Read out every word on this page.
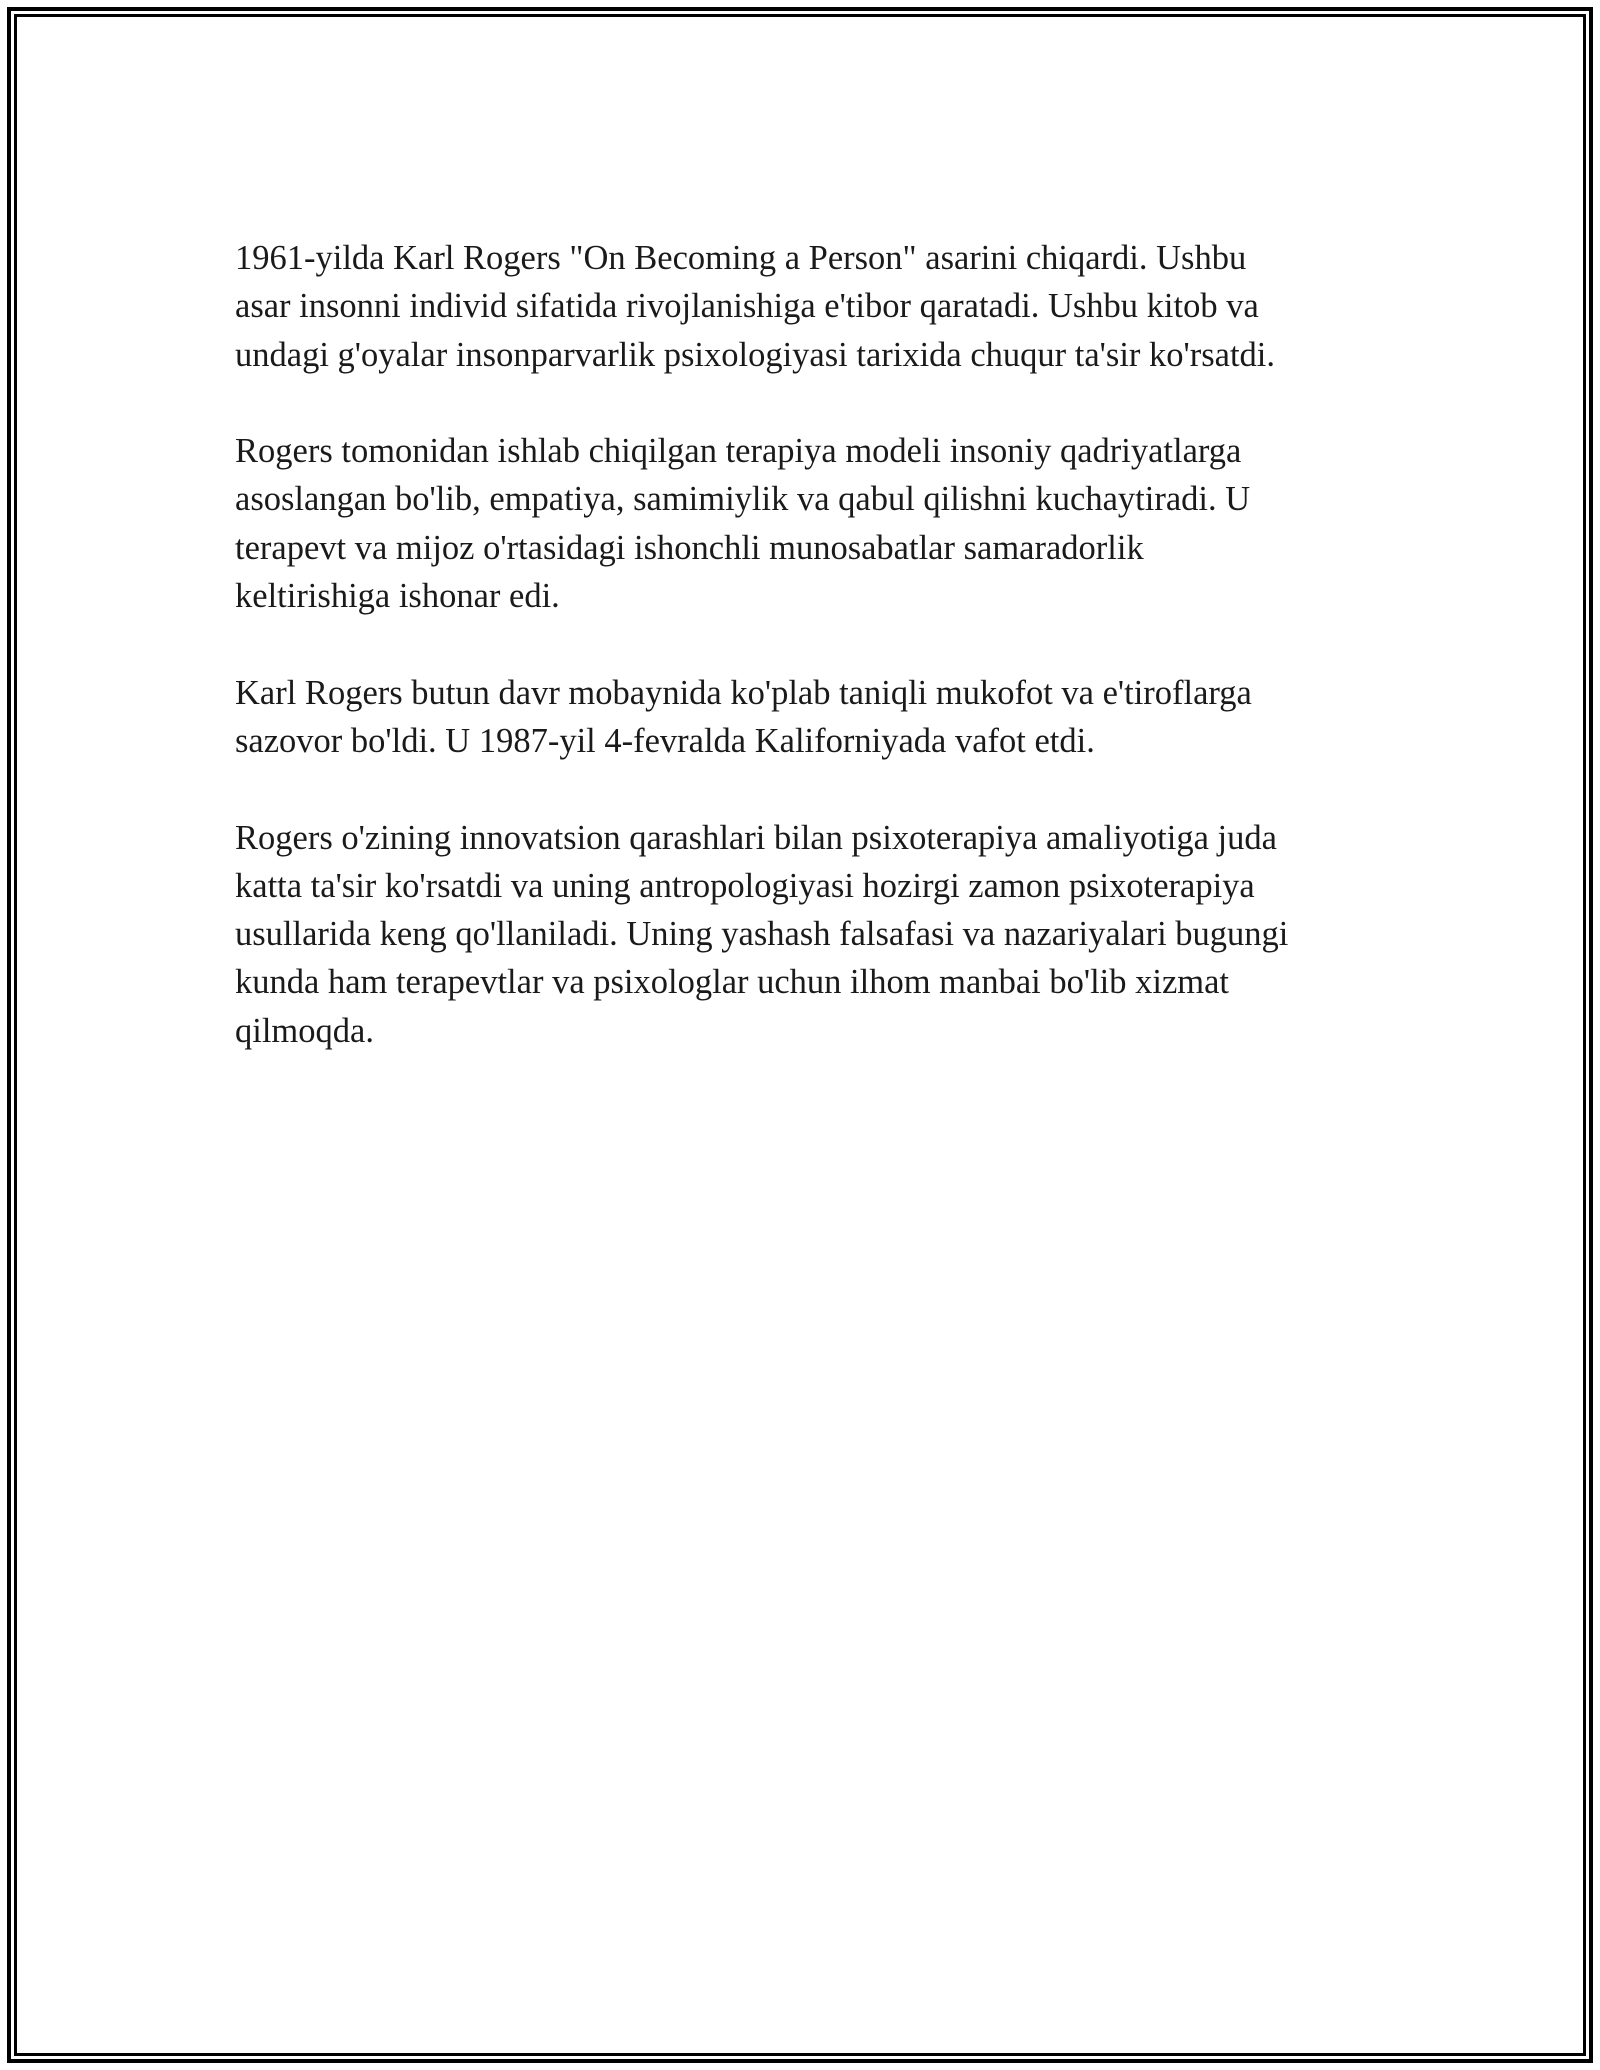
1961-yilda Karl Rogers "On Becoming a Person" asarini chiqardi. Ushbu
asar insonni individ sifatida rivojlanishiga e'tibor qaratadi. Ushbu kitob va
undagi g'oyalar insonparvarlik psixologiyasi tarixida chuqur ta'sir ko'rsatdi.

Rogers tomonidan ishlab chiqilgan terapiya modeli insoniy qadriyatlarga
asoslangan bo'lib, empatiya, samimiylik va qabul qilishni kuchaytiradi. U
terapevt va mijoz o'rtasidagi ishonchli munosabatlar samaradorlik
keltirishiga ishonar edi.

Karl Rogers butun davr mobaynida ko'plab taniqli mukofot va e'tiroflarga
sazovor bo'ldi. U 1987-yil 4-fevralda Kaliforniyada vafot etdi.

Rogers o'zining innovatsion qarashlari bilan psixoterapiya amaliyotiga juda
katta ta'sir ko'rsatdi va uning antropologiyasi hozirgi zamon psixoterapiya
usullarida keng qo'llaniladi. Uning yashash falsafasi va nazariyalari bugungi
kunda ham terapevtlar va psixologlar uchun ilhom manbai bo'lib xizmat
qilmoqda.
